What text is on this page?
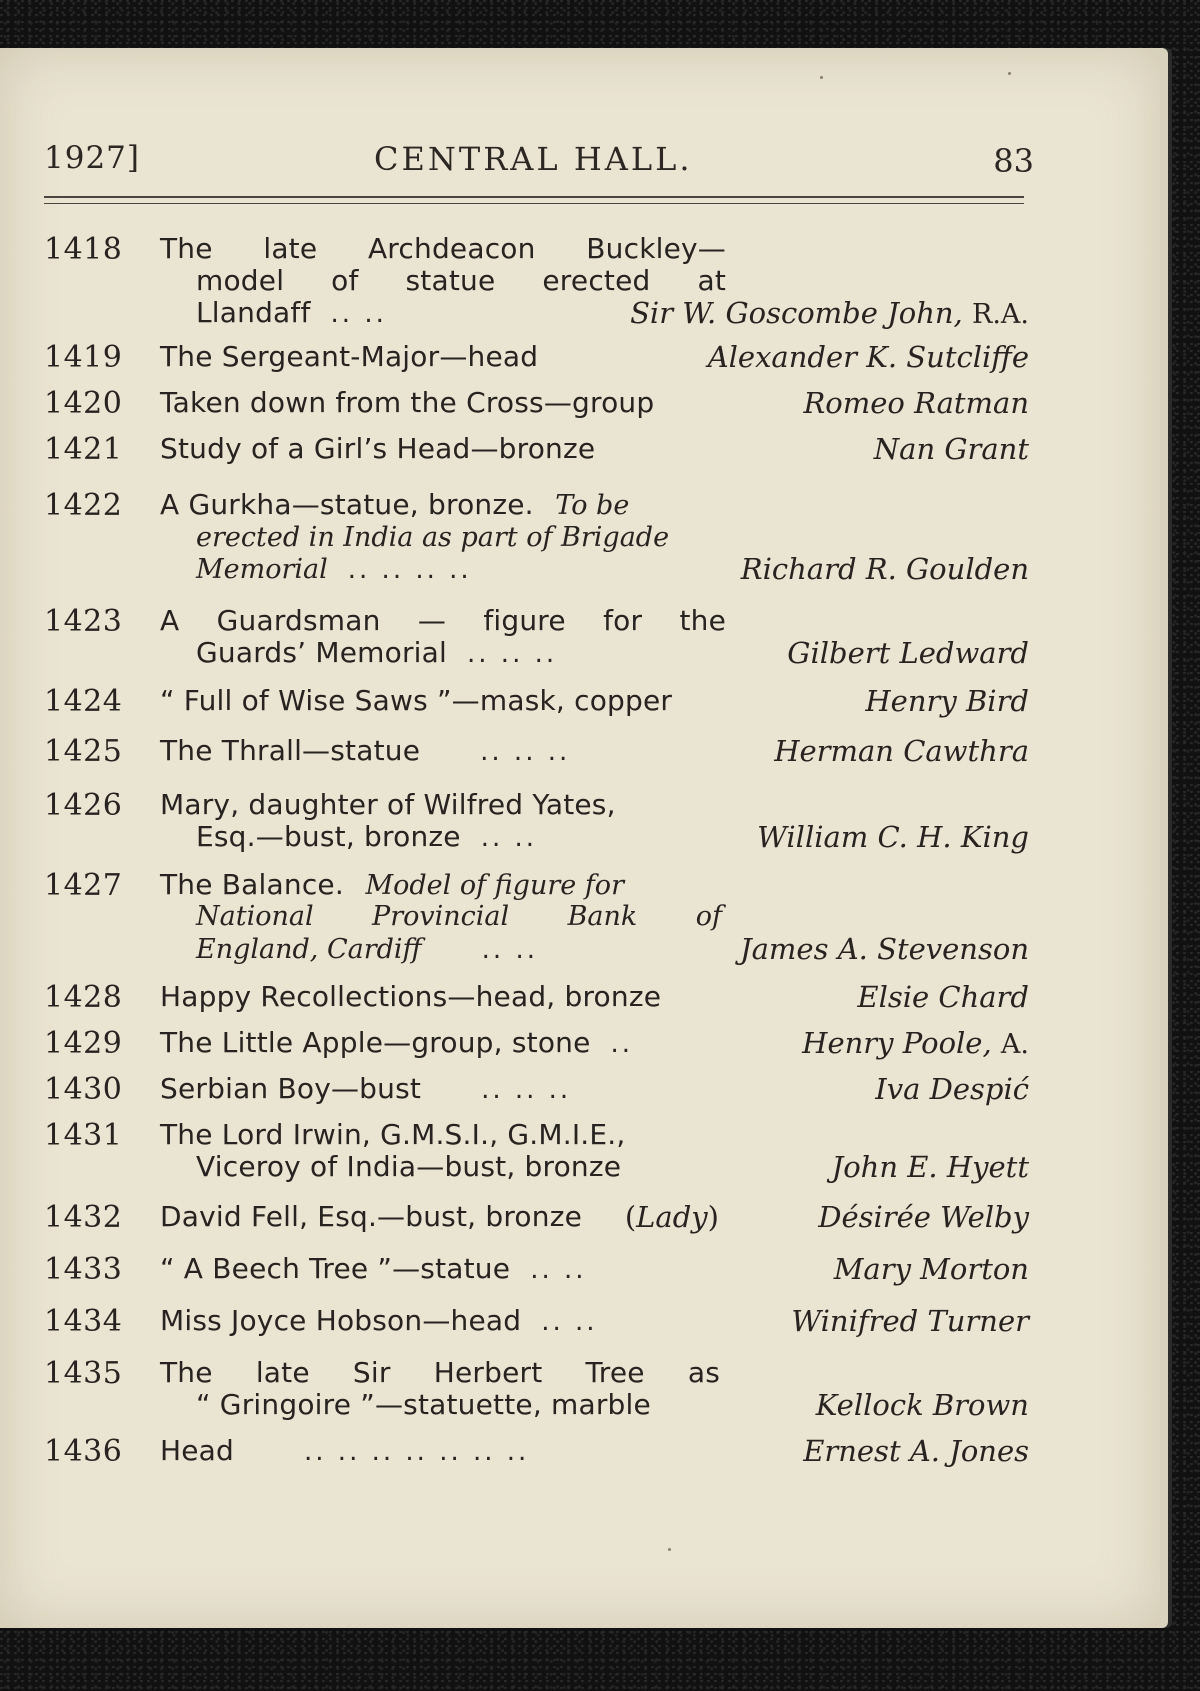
1927]	CENTRAL HALL.	83
1418	The late Archdeacon Buckley—
model of statue erected at
Llandaff .. ..	Sir W. Goscombe John, R.A.
1419	The Sergeant-Major—head	Alexander K. Sutcliffe
1420	Taken down from the Cross—group	Romeo Ratman
1421	Study of a Girl’s Head—bronze	Nan Grant
1422	A Gurkha—statue, bronze. To be
erected in India as part of Brigade
Memorial .. .. .. ..	Richard R. Goulden
1423	A Guardsman — figure for the
Guards’ Memorial .. .. ..	Gilbert Ledward
1424	“ Full of Wise Saws ”—mask, copper	Henry Bird
1425	The Thrall—statue .. .. ..	Herman Cawthra
1426	Mary, daughter of Wilfred Yates,
Esq.—bust, bronze .. ..	William C. H. King
1427	The Balance. Model of figure for
National Provincial Bank of
England, Cardiff .. ..	James A. Stevenson
1428	Happy Recollections—head, bronze	Elsie Chard
1429	The Little Apple—group, stone ..	Henry Poole, A.
1430	Serbian Boy—bust .. .. ..	Iva Despić
1431	The Lord Irwin, G.M.S.I., G.M.I.E.,
Viceroy of India—bust, bronze	John E. Hyett
1432	David Fell, Esq.—bust, bronze (Lady)	Désirée Welby
1433	“ A Beech Tree ”—statue .. ..	Mary Morton
1434	Miss Joyce Hobson—head .. ..	Winifred Turner
1435	The late Sir Herbert Tree as
“ Gringoire ”—statuette, marble	Kellock Brown
1436	Head	.. .. .. .. .. .. ..	Ernest A. Jones
